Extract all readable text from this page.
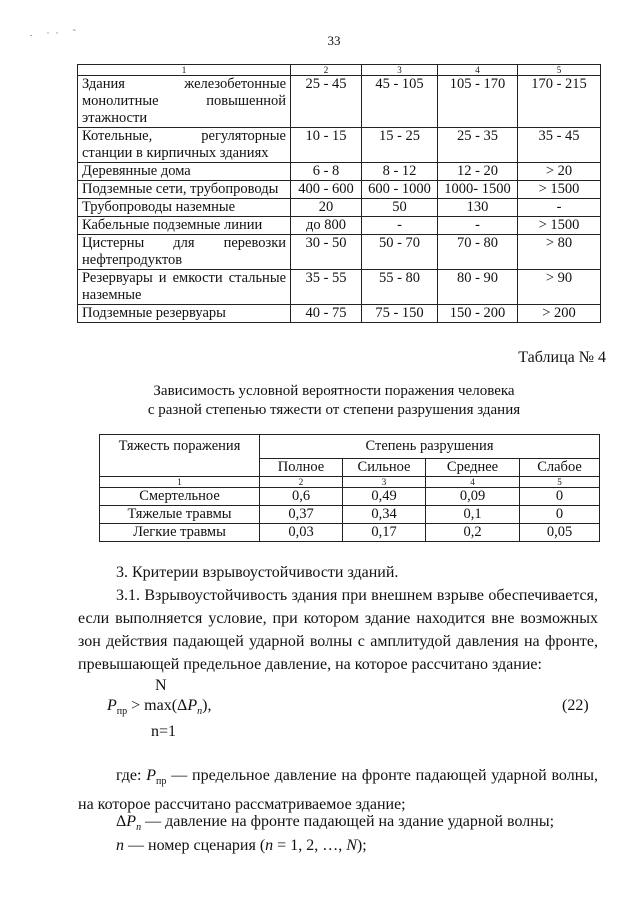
. ·· ˜	33
1	2	3	4	5
Здания железобетонные монолитные повышенной этажности	25 - 45	45 - 105	105 - 170	170 - 215
Котельные, регуляторные станции в кирпичных зданиях	10 - 15	15 - 25	25 - 35	35 - 45
Деревянные дома	6 - 8	8 - 12	12 - 20	> 20
Подземные сети, трубопроводы	400 - 600	600 - 1000	1000- 1500	> 1500
Трубопроводы наземные	20	50	130	-
Кабельные подземные линии	до 800	-	-	> 1500
Цистерны для перевозки нефтепродуктов	30 - 50	50 - 70	70 - 80	> 80
Резервуары и емкости стальные наземные	35 - 55	55 - 80	80 - 90	> 90
Подземные резервуары	40 - 75	75 - 150	150 - 200	> 200
Таблица № 4
Зависимость условной вероятности поражения человека
с разной степенью тяжести от степени разрушения здания
Тяжесть поражения	Степень разрушения			
	Полное	Сильное	Среднее	Слабое
1	2	3	4	5
Смертельное	0,6	0,49	0,09	0
Тяжелые травмы	0,37	0,34	0,1	0
Легкие травмы	0,03	0,17	0,2	0,05
3. Критерии взрывоустойчивости зданий.
3.1. Взрывоустойчивость здания при внешнем взрыве обеспечивается, если выполняется условие, при котором здание находится вне возможных зон действия падающей ударной волны с амплитудой давления на фронте, превышающей предельное давление, на которое рассчитано здание:
N
$P_{пр} > \max(\Delta P_n)$,	(22)
n=1
где: $P_{пр}$ — предельное давление на фронте падающей ударной волны, на которое рассчитано рассматриваемое здание;
$\Delta P_n$ — давление на фронте падающей на здание ударной волны;
n — номер сценария (n = 1, 2, …, N);
